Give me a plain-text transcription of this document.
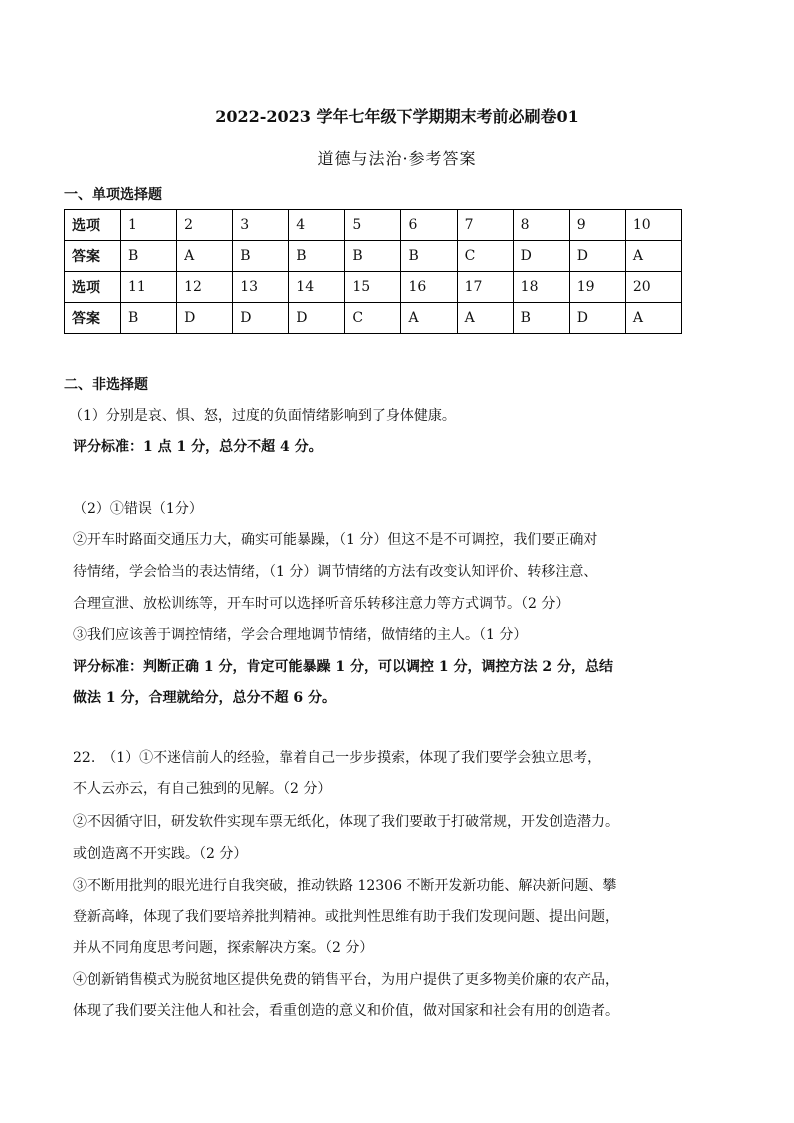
2022-2023 学年七年级下学期期末考前必刷卷01
道德与法治·参考答案
一、单项选择题
选项	1	2	3	4	5	6	7	8	9	10
答案	B	A	B	B	B	B	C	D	D	A
选项	11	12	13	14	15	16	17	18	19	20
答案	B	D	D	D	C	A	A	B	D	A
二、非选择题
（1）分别是哀、惧、怒，过度的负面情绪影响到了身体健康。
评分标准：1 点 1 分，总分不超 4 分。
（2）①错误（1分）
②开车时路面交通压力大，确实可能暴躁，（1 分）但这不是不可调控，我们要正确对
待情绪，学会恰当的表达情绪，（1 分）调节情绪的方法有改变认知评价、转移注意、
合理宣泄、放松训练等，开车时可以选择听音乐转移注意力等方式调节。（2 分）
③我们应该善于调控情绪，学会合理地调节情绪，做情绪的主人。（1 分）
评分标准：判断正确 1 分，肯定可能暴躁 1 分，可以调控 1 分，调控方法 2 分，总结
做法 1 分，合理就给分，总分不超 6 分。
22.　（1）①不迷信前人的经验，靠着自己一步步摸索，体现了我们要学会独立思考，
不人云亦云，有自己独到的见解。（2 分）
②不因循守旧，研发软件实现车票无纸化，体现了我们要敢于打破常规，开发创造潜力。
或创造离不开实践。（2 分）
③不断用批判的眼光进行自我突破，推动铁路 12306 不断开发新功能、解决新问题、攀
登新高峰，体现了我们要培养批判精神。或批判性思维有助于我们发现问题、提出问题，
并从不同角度思考问题，探索解决方案。（2 分）
④创新销售模式为脱贫地区提供免费的销售平台，为用户提供了更多物美价廉的农产品，
体现了我们要关注他人和社会，看重创造的意义和价值，做对国家和社会有用的创造者。
